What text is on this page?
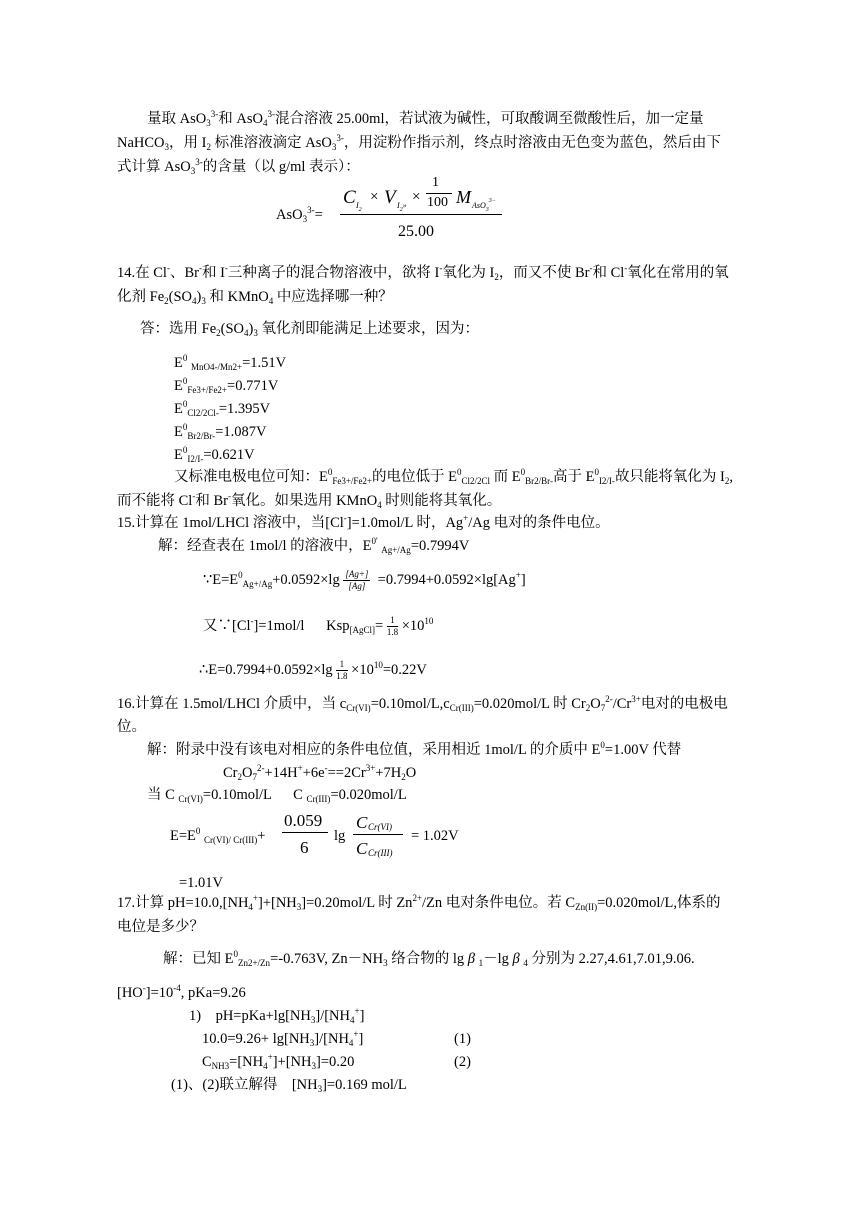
量取 AsO$_3^{3-}$和 AsO$_4^{3-}$混合溶液 25.00ml，若试液为碱性，可取酸调至微酸性后，加一定量
NaHCO$_3$，用 $I_2$ 标准溶液滴定 AsO$_3^{3-}$，用淀粉作指示剂，终点时溶液由无色变为蓝色，然后由下
式计算 AsO$_3^{3-}$的含量（以 g/ml 表示）：
AsO$_3^{3-}$=
C $I_2$
× V $I_2$»
×
1
100 M AsO$_3^{3-}$
25.00
14.在 Cl-、Br-和 I-三种离子的混合物溶液中，欲将 I-氧化为 $I_2$，而又不使 Br-和 Cl-氧化在常用的氧
化剂 $Fe_2(SO_4)_3$ 和 KMnO$_4$ 中应选择哪一种？
答：选用 $Fe_2(SO_4)_3$ 氧化剂即能满足上述要求，因为：
$E^0$ $_{MnO4-/Mn2+}$=1.51V
$E^0_{Fe3+/Fe2+}=0.771V$
$E^0_{Cl2/2Cl-}=1.395V$
$E^0_{Br2/Br-}=1.087V$
$E^0_{I2/I-}=0.621V$
又标准电极电位可知：$E^0_{Fe3+/Fe2+}$的电位低于 $E^0_{Cl2/2Cl}$ 而 $E^0_{Br2/Br-}$高于 $E^0_{I2/I-}$故只能将氧化为 $I_2$,
而不能将 Cl-和 Br-氧化。如果选用 KMnO$_4$ 时则能将其氧化。
15.计算在 1mol/LHCl 溶液中，当[Cl-]=1.0mol/L 时，Ag+/Ag 电对的条件电位。
解：经查表在 1mol/l 的溶液中，$E^{0'}$ $_{Ag+/Ag}$=0.7994V
$\because E=E^0_{Ag+/Ag}+0.0592\times\lg \frac{[Ag+]}{[Ag]} =0.7994+0.0592\times\lg[Ag^+]$
又∵[Cl-]=1mol/l      $Ksp_{[AgCl]}= \frac{1}{1.8} \times 10^{10}$
∴E=0.7994+0.0592×lg $\frac{1}{1.8} \times 10^{10}=0.22V$
16.计算在 1.5mol/LHCl 介质中，当 $c_{Cr(VI)}=0.10mol/L,c_{Cr(III)}=0.020mol/L$ 时 $Cr_2O_7^{2-}/Cr^{3+}$电对的电极电
位。
解：附录中没有该电对相应的条件电位值，采用相近 1mol/L 的介质中 $E^0=1.00V$ 代替
$Cr_2O_7^{2-}+14H^++6e^-==2Cr^{3+}+7H_2O$
当 C $_{Cr(VI)}$=0.10mol/L      C $_{Cr(III)}$=0.020mol/L
$E=E^0$ $_{Cr(VI)/ Cr(III)}$+
0.059
6
lg
C Cr(VI)
C Cr(III)
= 1.02V
=1.01V
17.计算 $pH=10.0,[NH_4^+]+[NH_3]=0.20mol/L$ 时 $Zn^{2+}/Zn$ 电对条件电位。若 $C_{Zn(II)}=0.020mol/L$,体系的
电位是多少？
解：已知 $E^0_{Zn2+/Zn}=-0.763V$, $Zn-NH_3$ 络合物的 lg β $_1$－lg β $_4$ 分别为 2.27,4.61,7.01,9.06.
$[HO^-]=10^{-4}$, pKa=9.26
1)    $pH=pKa+\lg[NH_3]/[NH_4^+]$
$10.0=9.26+ \lg[NH_3]/[NH_4^+]$	(1)
$C_{NH3}=[NH_4^+]+[NH_3]=0.20$	(2)
(1)、(2)联立解得    $[NH_3]=0.169$ mol/L
